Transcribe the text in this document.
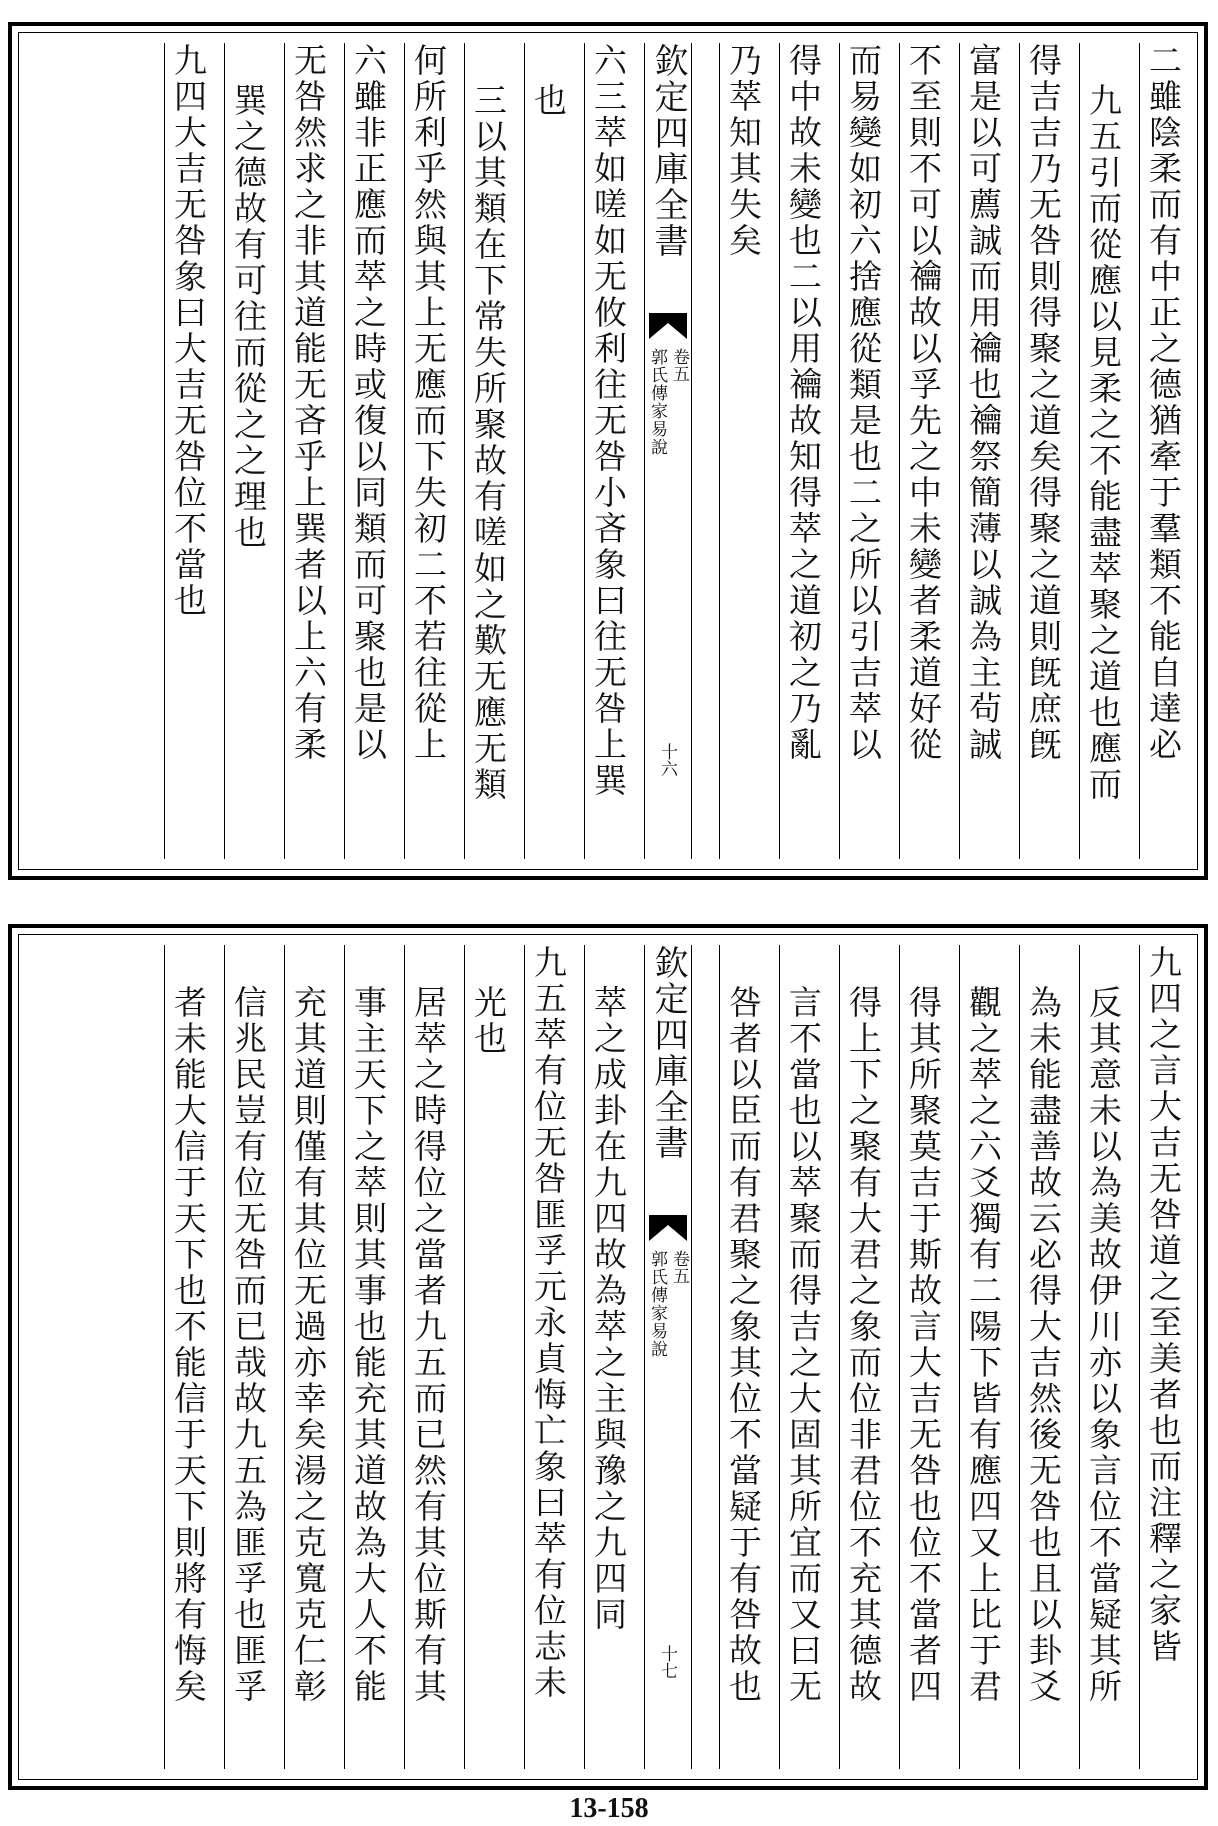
二雖陰柔而有中正之德猶牽于羣類不能自達必
九五引而從應以見柔之不能盡萃聚之道也應而
得吉吉乃无咎則得聚之道矣得聚之道則旣庶旣
富是以可薦誠而用禴也禴祭簡薄以誠為主茍誠
不至則不可以禴故以孚先之中未變者柔道好從
而易變如初六捨應從類是也二之所以引吉萃以
得中故未變也二以用禴故知得萃之道初之乃亂
乃萃知其失矣
欽定四庫全書
郭氏傳家易說 卷五
十六
六三萃如嗟如无攸利往无咎小吝象曰往无咎上巽
也
三以其類在下常失所聚故有嗟如之歎无應无類
何所利乎然與其上无應而下失初二不若往從上
六雖非正應而萃之時或復以同類而可聚也是以
无咎然求之非其道能无吝乎上巽者以上六有柔
巽之德故有可往而從之之理也
九四大吉无咎象曰大吉无咎位不當也
九四之言大吉无咎道之至美者也而注釋之家皆
反其意未以為美故伊川亦以象言位不當疑其所
為未能盡善故云必得大吉然後无咎也且以卦爻
觀之萃之六爻獨有二陽下皆有應四又上比于君
得其所聚莫吉于斯故言大吉无咎也位不當者四
得上下之聚有大君之象而位非君位不充其德故
言不當也以萃聚而得吉之大固其所宜而又曰无
咎者以臣而有君聚之象其位不當疑于有咎故也
欽定四庫全書
郭氏傳家易說 卷五
十七
萃之成卦在九四故為萃之主與豫之九四同
九五萃有位无咎匪孚元永貞悔亡象曰萃有位志未
光也
居萃之時得位之當者九五而已然有其位斯有其
事主天下之萃則其事也能充其道故為大人不能
充其道則僅有其位无過亦幸矣湯之克寬克仁彰
信兆民豈有位无咎而已哉故九五為匪孚也匪孚
者未能大信于天下也不能信于天下則將有悔矣
13-158
